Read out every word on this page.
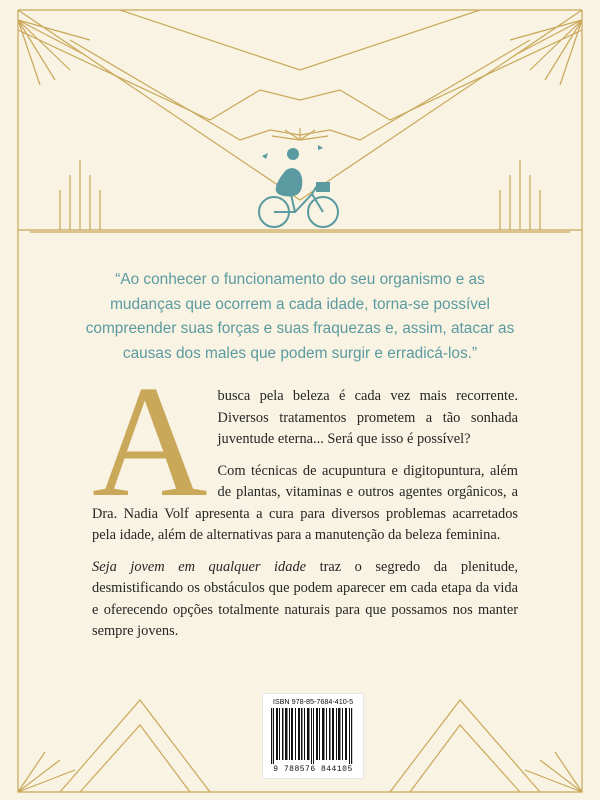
“Ao conhecer o funcionamento do seu organismo e as mudanças que ocorrem a cada idade, torna-se possível compreender suas forças e suas fraquezas e, assim, atacar as causas dos males que podem surgir e erradicá-los.”

Abusca pela beleza é cada vez mais recorrente. Diversos tratamentos prometem a tão sonhada juventude eterna... Será que isso é possível?

Com técnicas de acupuntura e digitopuntura, além de plantas, vitaminas e outros agentes orgânicos, a Dra. Nadia Volf apresenta a cura para diversos problemas acarretados pela idade, além de alternativas para a manutenção da beleza feminina.

Seja jovem em qualquer idade traz o segredo da plenitude, desmistificando os obstáculos que podem aparecer em cada etapa da vida e oferecendo opções totalmente naturais para que possamos nos manter sempre jovens.

ISBN 978-85-7684-410-5
9 788576 844105
